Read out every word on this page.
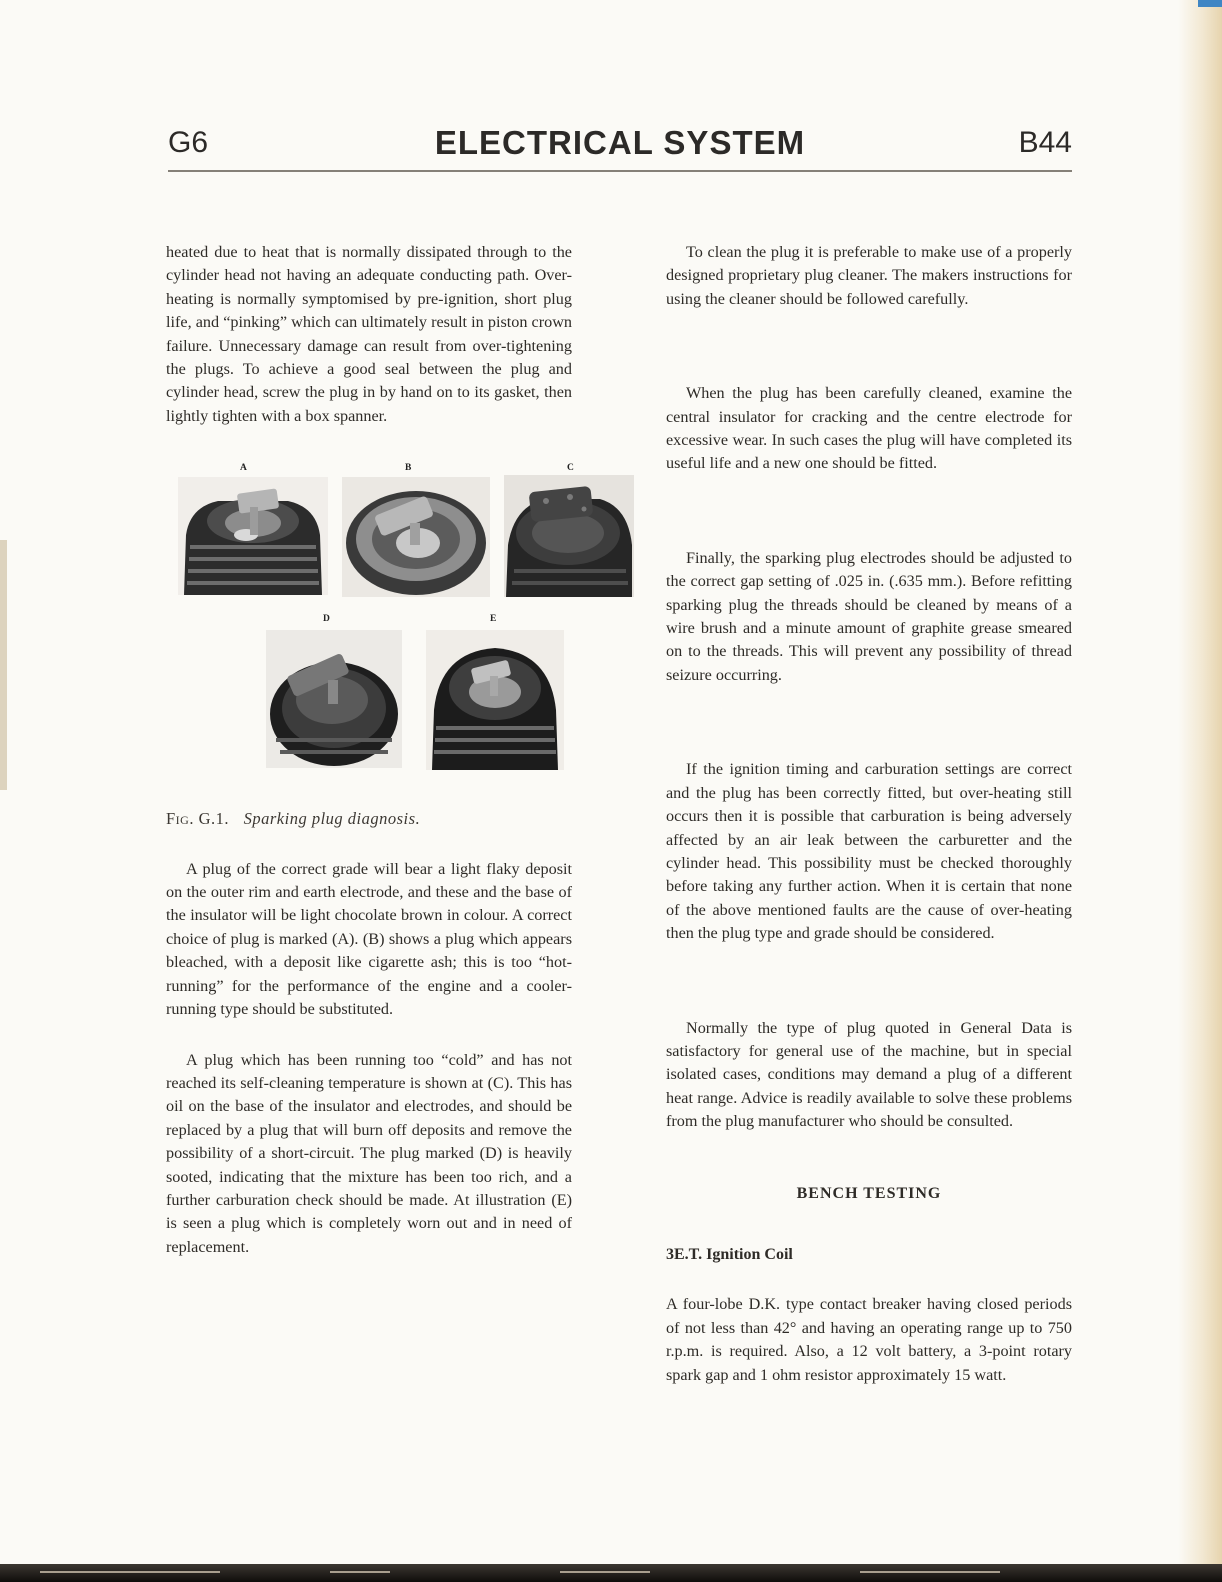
G6	ELECTRICAL SYSTEM	B44

heated due to heat that is normally dissipated through to the cylinder head not having an adequate conducting path. Over-heating is normally symptomised by pre-ignition, short plug life, and “pinking” which can ultimately result in piston crown failure. Unnecessary damage can result from over-tightening the plugs. To achieve a good seal between the plug and cylinder head, screw the plug in by hand on to its gasket, then lightly tighten with a box spanner.

A	B	C
D	E

Fig. G.1. Sparking plug diagnosis.

A plug of the correct grade will bear a light flaky deposit on the outer rim and earth electrode, and these and the base of the insulator will be light chocolate brown in colour. A correct choice of plug is marked (A). (B) shows a plug which appears bleached, with a deposit like cigarette ash; this is too “hot-running” for the performance of the engine and a cooler-running type should be substituted.

A plug which has been running too “cold” and has not reached its self-cleaning temperature is shown at (C). This has oil on the base of the insulator and electrodes, and should be replaced by a plug that will burn off deposits and remove the possibility of a short-circuit. The plug marked (D) is heavily sooted, indicating that the mixture has been too rich, and a further carburation check should be made. At illustration (E) is seen a plug which is completely worn out and in need of replacement.

To clean the plug it is preferable to make use of a properly designed proprietary plug cleaner. The makers instructions for using the cleaner should be followed carefully.

When the plug has been carefully cleaned, examine the central insulator for cracking and the centre electrode for excessive wear. In such cases the plug will have completed its useful life and a new one should be fitted.

Finally, the sparking plug electrodes should be adjusted to the correct gap setting of .025 in. (.635 mm.). Before refitting sparking plug the threads should be cleaned by means of a wire brush and a minute amount of graphite grease smeared on to the threads. This will prevent any possibility of thread seizure occurring.

If the ignition timing and carburation settings are correct and the plug has been correctly fitted, but over-heating still occurs then it is possible that carburation is being adversely affected by an air leak between the carburetter and the cylinder head. This possibility must be checked thoroughly before taking any further action. When it is certain that none of the above mentioned faults are the cause of over-heating then the plug type and grade should be considered.

Normally the type of plug quoted in General Data is satisfactory for general use of the machine, but in special isolated cases, conditions may demand a plug of a different heat range. Advice is readily available to solve these problems from the plug manufacturer who should be consulted.

BENCH TESTING

3E.T. Ignition Coil

A four-lobe D.K. type contact breaker having closed periods of not less than 42° and having an operating range up to 750 r.p.m. is required. Also, a 12 volt battery, a 3-point rotary spark gap and 1 ohm resistor approximately 15 watt.
